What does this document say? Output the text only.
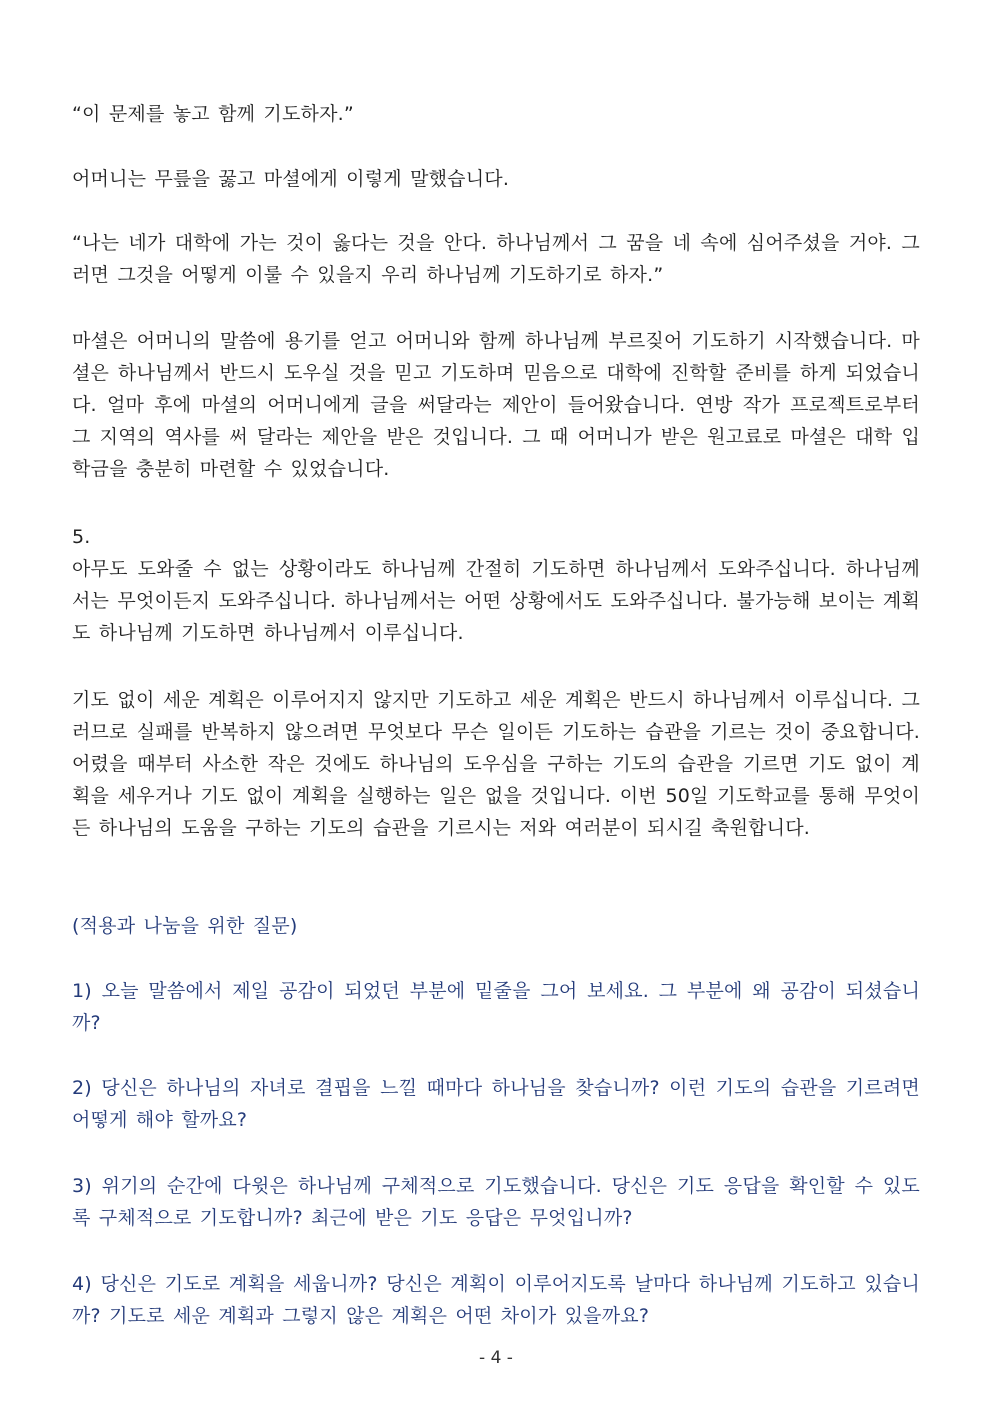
“이 문제를 놓고 함께 기도하자.”

어머니는 무릎을 꿇고 마셜에게 이렇게 말했습니다.

“나는 네가 대학에 가는 것이 옳다는 것을 안다. 하나님께서 그 꿈을 네 속에 심어주셨을 거야. 그러면 그것을 어떻게 이룰 수 있을지 우리 하나님께 기도하기로 하자.”

마셜은 어머니의 말씀에 용기를 얻고 어머니와 함께 하나님께 부르짖어 기도하기 시작했습니다. 마셜은 하나님께서 반드시 도우실 것을 믿고 기도하며 믿음으로 대학에 진학할 준비를 하게 되었습니다. 얼마 후에 마셜의 어머니에게 글을 써달라는 제안이 들어왔습니다. 연방 작가 프로젝트로부터 그 지역의 역사를 써 달라는 제안을 받은 것입니다. 그 때 어머니가 받은 원고료로 마셜은 대학 입학금을 충분히 마련할 수 있었습니다.

5.
아무도 도와줄 수 없는 상황이라도 하나님께 간절히 기도하면 하나님께서 도와주십니다. 하나님께서는 무엇이든지 도와주십니다. 하나님께서는 어떤 상황에서도 도와주십니다. 불가능해 보이는 계획도 하나님께 기도하면 하나님께서 이루십니다.

기도 없이 세운 계획은 이루어지지 않지만 기도하고 세운 계획은 반드시 하나님께서 이루십니다. 그러므로 실패를 반복하지 않으려면 무엇보다 무슨 일이든 기도하는 습관을 기르는 것이 중요합니다. 어렸을 때부터 사소한 작은 것에도 하나님의 도우심을 구하는 기도의 습관을 기르면 기도 없이 계획을 세우거나 기도 없이 계획을 실행하는 일은 없을 것입니다. 이번 50일 기도학교를 통해 무엇이든 하나님의 도움을 구하는 기도의 습관을 기르시는 저와 여러분이 되시길 축원합니다.

(적용과 나눔을 위한 질문)

1) 오늘 말씀에서 제일 공감이 되었던 부분에 밑줄을 그어 보세요. 그 부분에 왜 공감이 되셨습니까?

2) 당신은 하나님의 자녀로 결핍을 느낄 때마다 하나님을 찾습니까? 이런 기도의 습관을 기르려면 어떻게 해야 할까요?

3) 위기의 순간에 다윗은 하나님께 구체적으로 기도했습니다. 당신은 기도 응답을 확인할 수 있도록 구체적으로 기도합니까? 최근에 받은 기도 응답은 무엇입니까?

4) 당신은 기도로 계획을 세웁니까? 당신은 계획이 이루어지도록 날마다 하나님께 기도하고 있습니까? 기도로 세운 계획과 그렇지 않은 계획은 어떤 차이가 있을까요?

- 4 -
